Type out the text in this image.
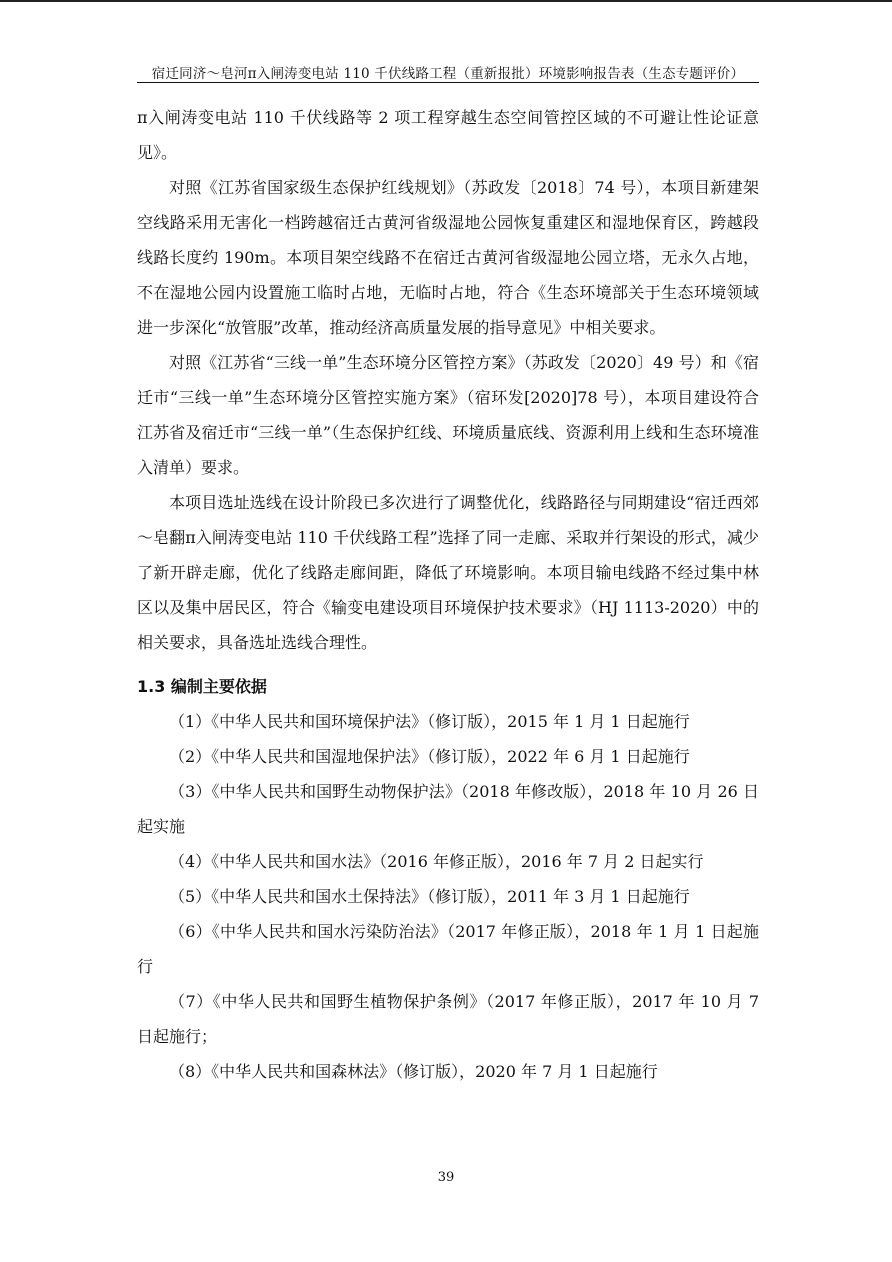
宿迁同济～皂河π入闸涛变电站 110 千伏线路工程（重新报批）环境影响报告表（生态专题评价）

π入闸涛变电站 110 千伏线路等 2 项工程穿越生态空间管控区域的不可避让性论证意见》。

对照《江苏省国家级生态保护红线规划》（苏政发〔2018〕74 号），本项目新建架空线路采用无害化一档跨越宿迁古黄河省级湿地公园恢复重建区和湿地保育区，跨越段线路长度约 190m。本项目架空线路不在宿迁古黄河省级湿地公园立塔，无永久占地，不在湿地公园内设置施工临时占地，无临时占地，符合《生态环境部关于生态环境领域进一步深化“放管服”改革，推动经济高质量发展的指导意见》中相关要求。

对照《江苏省“三线一单”生态环境分区管控方案》（苏政发〔2020〕49 号）和《宿迁市“三线一单”生态环境分区管控实施方案》（宿环发[2020]78 号），本项目建设符合江苏省及宿迁市“三线一单”（生态保护红线、环境质量底线、资源利用上线和生态环境准入清单）要求。

本项目选址选线在设计阶段已多次进行了调整优化，线路路径与同期建设“宿迁西郊～皂翻π入闸涛变电站 110 千伏线路工程”选择了同一走廊、采取并行架设的形式，减少了新开辟走廊，优化了线路走廊间距，降低了环境影响。本项目输电线路不经过集中林区以及集中居民区，符合《输变电建设项目环境保护技术要求》（HJ 1113-2020）中的相关要求，具备选址选线合理性。

1.3 编制主要依据

（1）《中华人民共和国环境保护法》（修订版），2015 年 1 月 1 日起施行

（2）《中华人民共和国湿地保护法》（修订版），2022 年 6 月 1 日起施行

（3）《中华人民共和国野生动物保护法》（2018 年修改版），2018 年 10 月 26 日起实施

（4）《中华人民共和国水法》（2016 年修正版），2016 年 7 月 2 日起实行

（5）《中华人民共和国水土保持法》（修订版），2011 年 3 月 1 日起施行

（6）《中华人民共和国水污染防治法》（2017 年修正版），2018 年 1 月 1 日起施行

（7）《中华人民共和国野生植物保护条例》（2017 年修正版），2017 年 10 月 7 日起施行；

（8）《中华人民共和国森林法》（修订版），2020 年 7 月 1 日起施行

39
